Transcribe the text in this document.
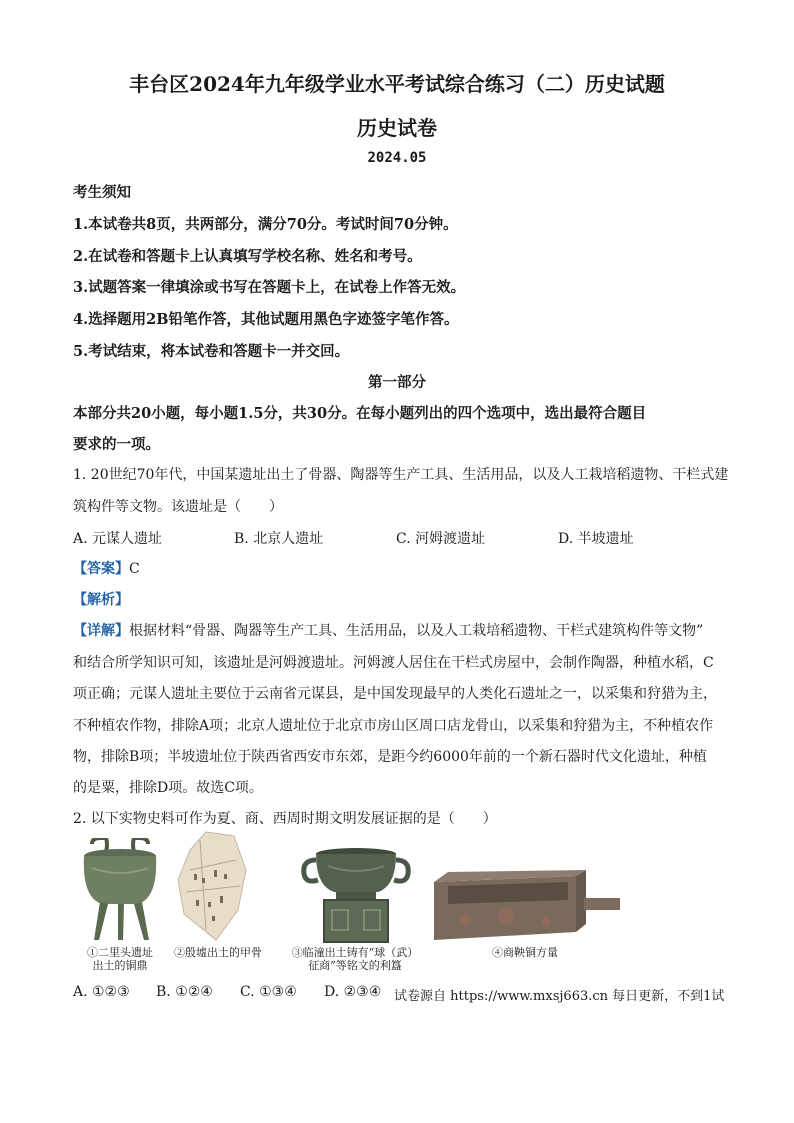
丰台区2024年九年级学业水平考试综合练习（二）历史试题
历史试卷
2024.05
考生须知
1.本试卷共8页，共两部分，满分70分。考试时间70分钟。
2.在试卷和答题卡上认真填写学校名称、姓名和考号。
3.试题答案一律填涂或书写在答题卡上，在试卷上作答无效。
4.选择题用2B铅笔作答，其他试题用黑色字迹签字笔作答。
5.考试结束，将本试卷和答题卡一并交回。
第一部分
本部分共20小题，每小题1.5分，共30分。在每小题列出的四个选项中，选出最符合题目
要求的一项。
1. 20世纪70年代，中国某遗址出土了骨器、陶器等生产工具、生活用品，以及人工栽培稻遗物、干栏式建
筑构件等文物。该遗址是（　　）
A. 元谋人遗址	B. 北京人遗址	C. 河姆渡遗址	D. 半坡遗址
【答案】C
【解析】
【详解】根据材料“骨器、陶器等生产工具、生活用品，以及人工栽培稻遗物、干栏式建筑构件等文物”
和结合所学知识可知，该遗址是河姆渡遗址。河姆渡人居住在干栏式房屋中，会制作陶器，种植水稻，C
项正确；元谋人遗址主要位于云南省元谋县，是中国发现最早的人类化石遗址之一，以采集和狩猎为主，
不种植农作物，排除A项；北京人遗址位于北京市房山区周口店龙骨山，以采集和狩猎为主，不种植农作
物，排除B项；半坡遗址位于陕西省西安市东郊，是距今约6000年前的一个新石器时代文化遗址，种植
的是粟，排除D项。故选C项。
2. 以下实物史料可作为夏、商、西周时期文明发展证据的是（　　）
①二里头遗址
出土的铜鼎
②殷墟出土的甲骨	③临潼出土铸有“球（武）
征商”等铭文的利簋
④商鞅铜方量
A. ①②③ B. ①②④ C. ①③④ D. ②③④ 试卷源自 https://www.mxsj663.cn 每日更新，不到1试
